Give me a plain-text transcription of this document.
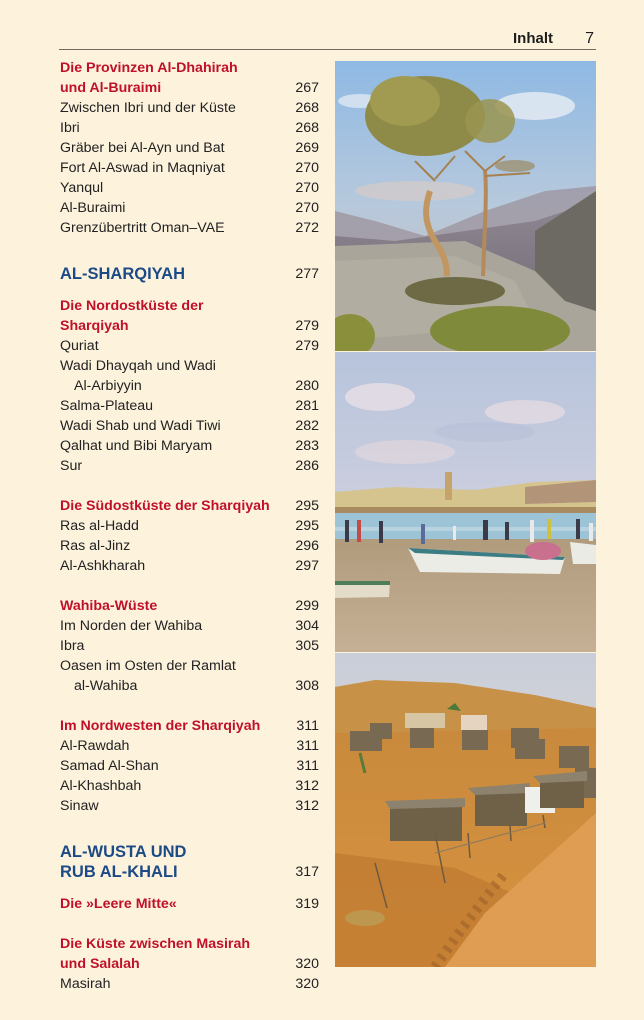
Inhalt 7
Die Provinzen Al-Dhahirah
und Al-Buraimi	267
Zwischen Ibri und der Küste	268
Ibri	268
Gräber bei Al-Ayn und Bat	269
Fort Al-Aswad in Maqniyat	270
Yanqul	270
Al-Buraimi	270
Grenzübertritt Oman–VAE	272
AL-SHARQIYAH	277
Die Nordostküste der Sharqiyah	279
Quriat	279
Wadi Dhayqah und Wadi
Al-Arbiyyin	280
Salma-Plateau	281
Wadi Shab und Wadi Tiwi	282
Qalhat und Bibi Maryam	283
Sur	286
Die Südostküste der Sharqiyah	295
Ras al-Hadd	295
Ras al-Jinz	296
Al-Ashkharah	297
Wahiba-Wüste	299
Im Norden der Wahiba	304
Ibra	305
Oasen im Osten der Ramlat
al-Wahiba	308
Im Nordwesten der Sharqiyah	311
Al-Rawdah	311
Samad Al-Shan	311
Al-Khashbah	312
Sinaw	312
AL-WUSTA UND
RUB AL-KHALI	317
Die »Leere Mitte«	319
Die Küste zwischen Masirah
und Salalah	320
Masirah	320
